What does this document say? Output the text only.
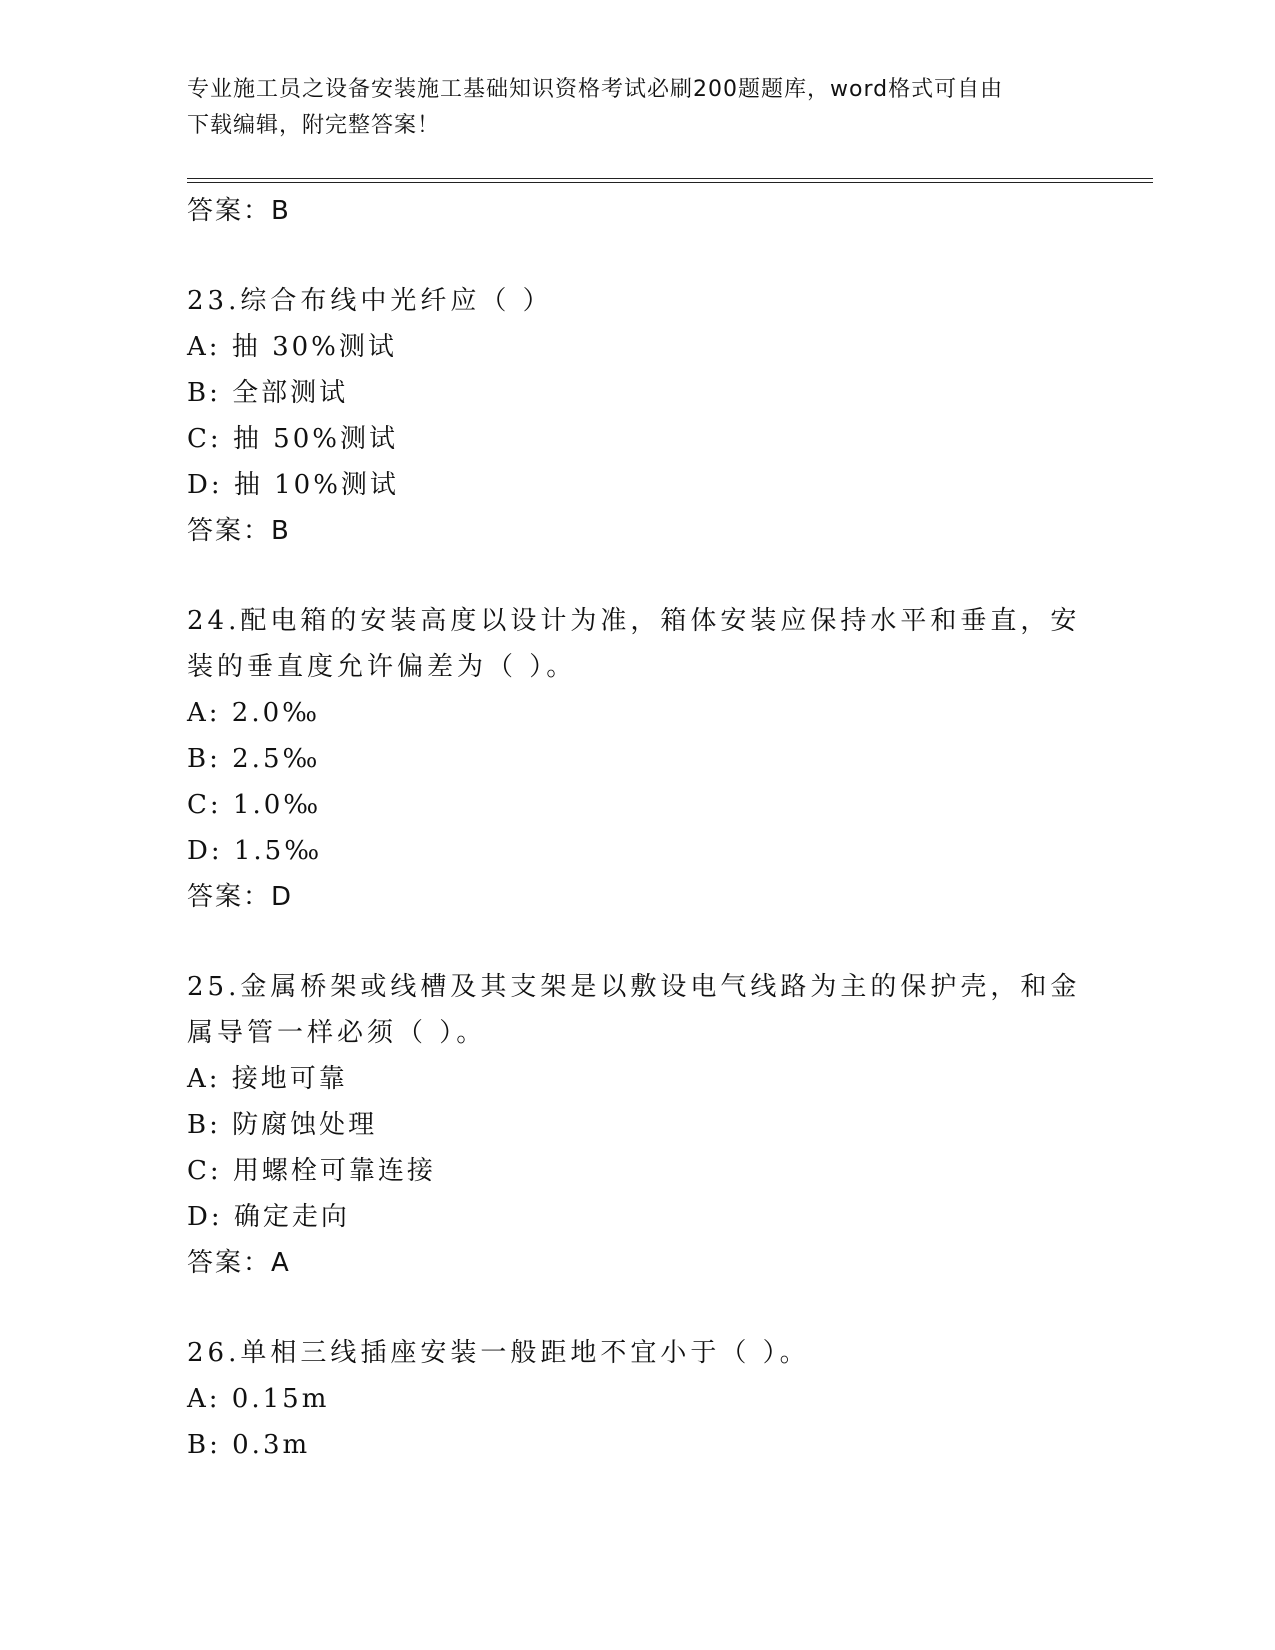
专业施工员之设备安装施工基础知识资格考试必刷200题题库，word格式可自由
下载编辑，附完整答案！
答案：B
23.综合布线中光纤应（ ）
A: 抽 30%测试
B: 全部测试
C: 抽 50%测试
D: 抽 10%测试
答案：B
24.配电箱的安装高度以设计为准，箱体安装应保持水平和垂直，安装的垂直度允许偏差为（ ）。
A: 2.0‰
B: 2.5‰
C: 1.0‰
D: 1.5‰
答案：D
25.金属桥架或线槽及其支架是以敷设电气线路为主的保护壳，和金属导管一样必须（ ）。
A: 接地可靠
B: 防腐蚀处理
C: 用螺栓可靠连接
D: 确定走向
答案：A
26.单相三线插座安装一般距地不宜小于（ ）。
A: 0.15m
B: 0.3m
